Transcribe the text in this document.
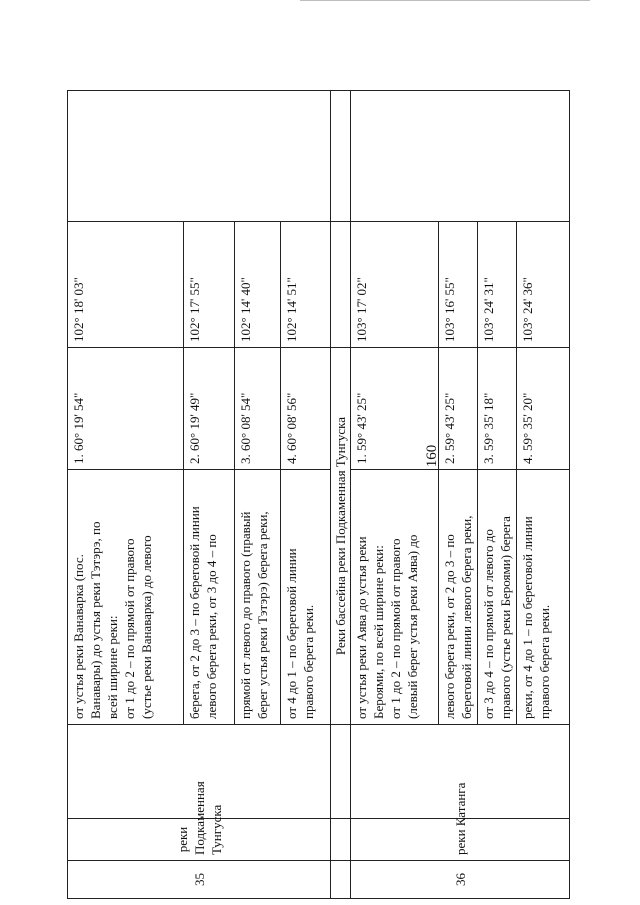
160
35	реки Подкаменная Тунгуска		от устья реки Ванаварка (пос. Ванавары) до устья реки Тэтэрэ, по всей ширине реки: от 1 до 2 – по прямой от правого (устье реки Ванаварка) до левого	1. 60° 19' 54"	102° 18' 03"	

			берега, от 2 до 3 – по береговой линии левого берега реки, от 3 до 4 – по	2. 60° 19' 49"	102° 17' 55"	

			прямой от левого до правого (правый берег устья реки Тэтэрэ) берега реки,	3. 60° 08' 54"	102° 14' 40"	

			от 4 до 1 – по береговой линии правого берега реки.	4. 60° 08' 56"	102° 14' 51"	
			Реки бассейна реки Подкаменная Тунгуска			
36	реки Катанга		от устья реки Аява до устья реки Бероями, по всей ширине реки: от 1 до 2 – по прямой от правого (левый берег устья реки Аява) до	1. 59° 43' 25"	103° 17' 02"	

			левого берега реки, от 2 до 3 – по береговой линии левого берега реки,	2. 59° 43' 25"	103° 16' 55"	

			от 3 до 4 – по прямой от левого до правого (устье реки Бероями) берега	3. 59° 35' 18"	103° 24' 31"	

			реки, от 4 до 1 – по береговой линии правого берега реки.	4. 59° 35' 20"	103° 24' 36"	
